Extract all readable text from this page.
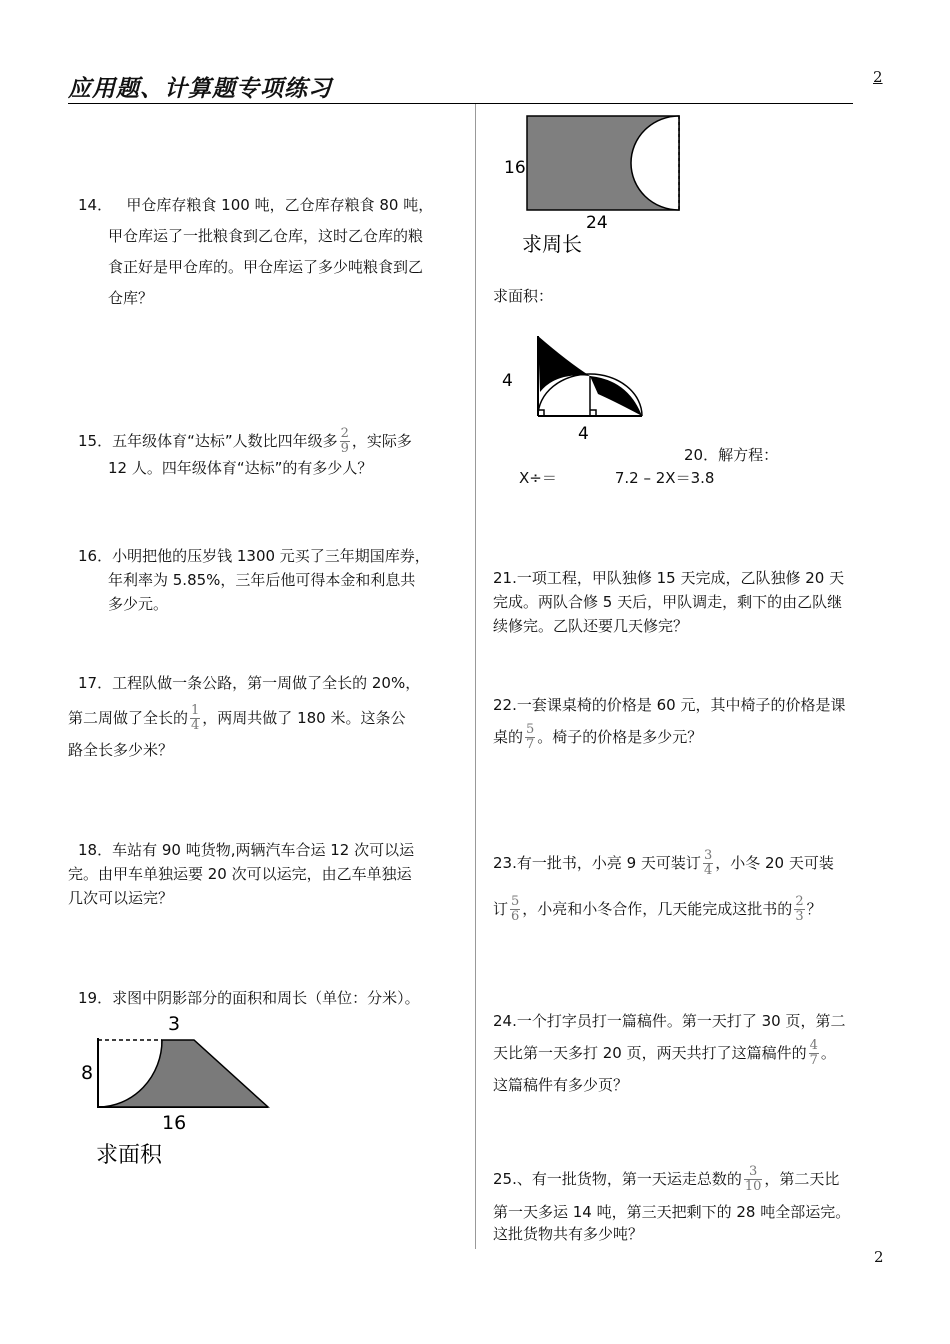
应用题、计算题专项练习	2
2
14． 甲仓库存粮食 100 吨，乙仓库存粮食 80 吨，
甲仓库运了一批粮食到乙仓库，这时乙仓库的粮
食正好是甲仓库的。甲仓库运了多少吨粮食到乙
仓库？
15．五年级体育“达标”人数比四年级多 $\frac{2}{9}$ ，实际多
12 人。四年级体育“达标”的有多少人？
16．小明把他的压岁钱 1300 元买了三年期国库券，
年利率为 5.85%，三年后他可得本金和利息共
多少元。
17．工程队做一条公路，第一周做了全长的 20%，
第二周做了全长的 $\frac{1}{4}$ ，两周共做了 180 米。这条公
路全长多少米？
18．车站有 90 吨货物,两辆汽车合运 12 次可以运
完。由甲车单独运要 20 次可以运完，由乙车单独运
几次可以运完？
19．求图中阴影部分的面积和周长（单位：分米）。
3
8
16
求面积
16
24
求周长
求面积：
4
4
20．解方程：
X÷＝	7.2 – 2X＝3.8
21.一项工程，甲队独修 15 天完成，乙队独修 20 天
完成。两队合修 5 天后，甲队调走，剩下的由乙队继
续修完。乙队还要几天修完？
22.一套课桌椅的价格是 60 元，其中椅子的价格是课
桌的 $\frac{5}{7}$ 。椅子的价格是多少元？
23.有一批书，小亮 9 天可装订 $\frac{3}{4}$ ，小冬 20 天可装
订 $\frac{5}{6}$ ，小亮和小冬合作，几天能完成这批书的 $\frac{2}{3}$ ？
24.一个打字员打一篇稿件。第一天打了 30 页，第二
天比第一天多打 20 页，两天共打了这篇稿件的 $\frac{4}{7}$ 。
这篇稿件有多少页？
25.、有一批货物，第一天运走总数的 $\frac{3}{10}$ ，第二天比
第一天多运 14 吨，第三天把剩下的 28 吨全部运完。
这批货物共有多少吨？
